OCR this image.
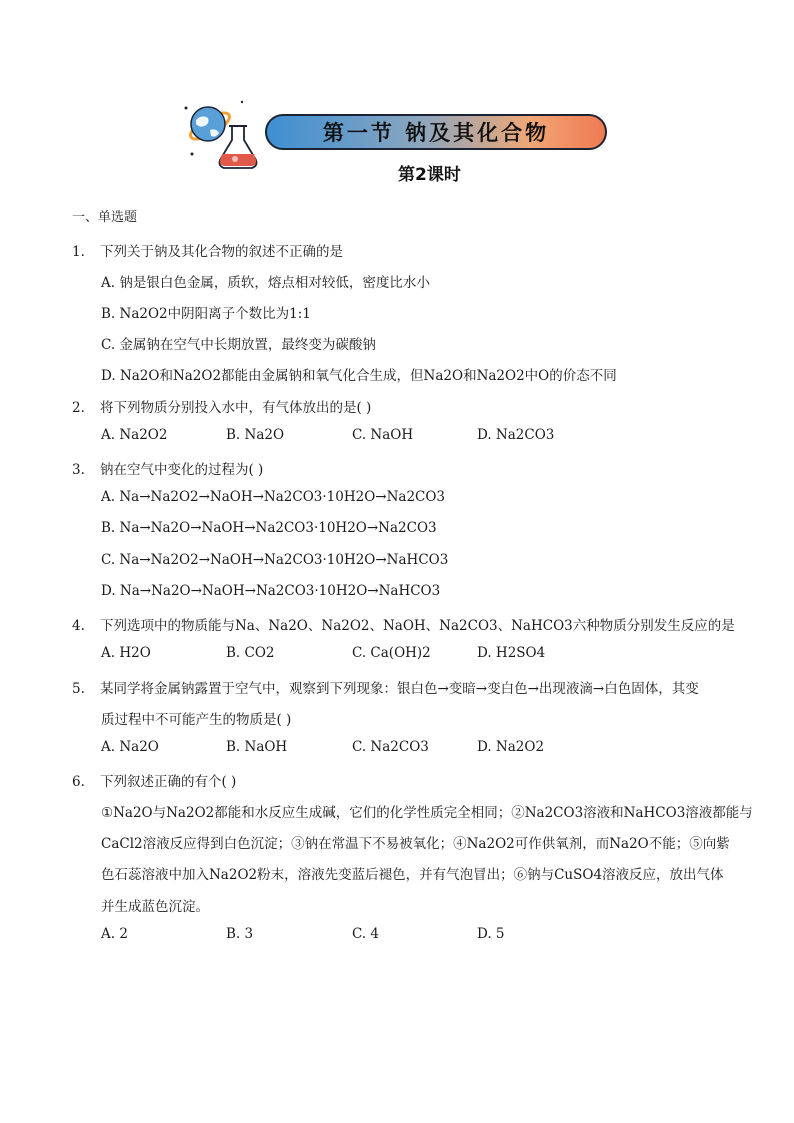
第一节 钠及其化合物
第2课时
一、单选题
1. 下列关于钠及其化合物的叙述不正确的是
A. 钠是银白色金属，质软，熔点相对较低，密度比水小
B. Na2O2中阴阳离子个数比为1:1
C. 金属钠在空气中长期放置，最终变为碳酸钠
D. Na2O和Na2O2都能由金属钠和氧气化合生成，但Na2O和Na2O2中O的价态不同
2. 将下列物质分别投入水中，有气体放出的是( )
A. Na2O2	B. Na2O	C. NaOH	D. Na2CO3
3. 钠在空气中变化的过程为( )
A. Na→Na2O2→NaOH→Na2CO3·10H2O→Na2CO3
B. Na→Na2O→NaOH→Na2CO3·10H2O→Na2CO3
C. Na→Na2O2→NaOH→Na2CO3·10H2O→NaHCO3
D. Na→Na2O→NaOH→Na2CO3·10H2O→NaHCO3
4. 下列选项中的物质能与Na、Na2O、Na2O2、NaOH、Na2CO3、NaHCO3六种物质分别发生反应的是
A. H2O	B. CO2	C. Ca(OH)2	D. H2SO4
5. 某同学将金属钠露置于空气中，观察到下列现象：银白色→变暗→变白色→出现液滴→白色固体，其变
质过程中不可能产生的物质是( )
A. Na2O	B. NaOH	C. Na2CO3	D. Na2O2
6. 下列叙述正确的有个( )
①Na2O与Na2O2都能和水反应生成碱，它们的化学性质完全相同；②Na2CO3溶液和NaHCO3溶液都能与
CaCl2溶液反应得到白色沉淀；③钠在常温下不易被氧化；④Na2O2可作供氧剂，而Na2O不能；⑤向紫
色石蕊溶液中加入Na2O2粉末，溶液先变蓝后褪色，并有气泡冒出；⑥钠与CuSO4溶液反应，放出气体
并生成蓝色沉淀。
A. 2	B. 3	C. 4	D. 5
